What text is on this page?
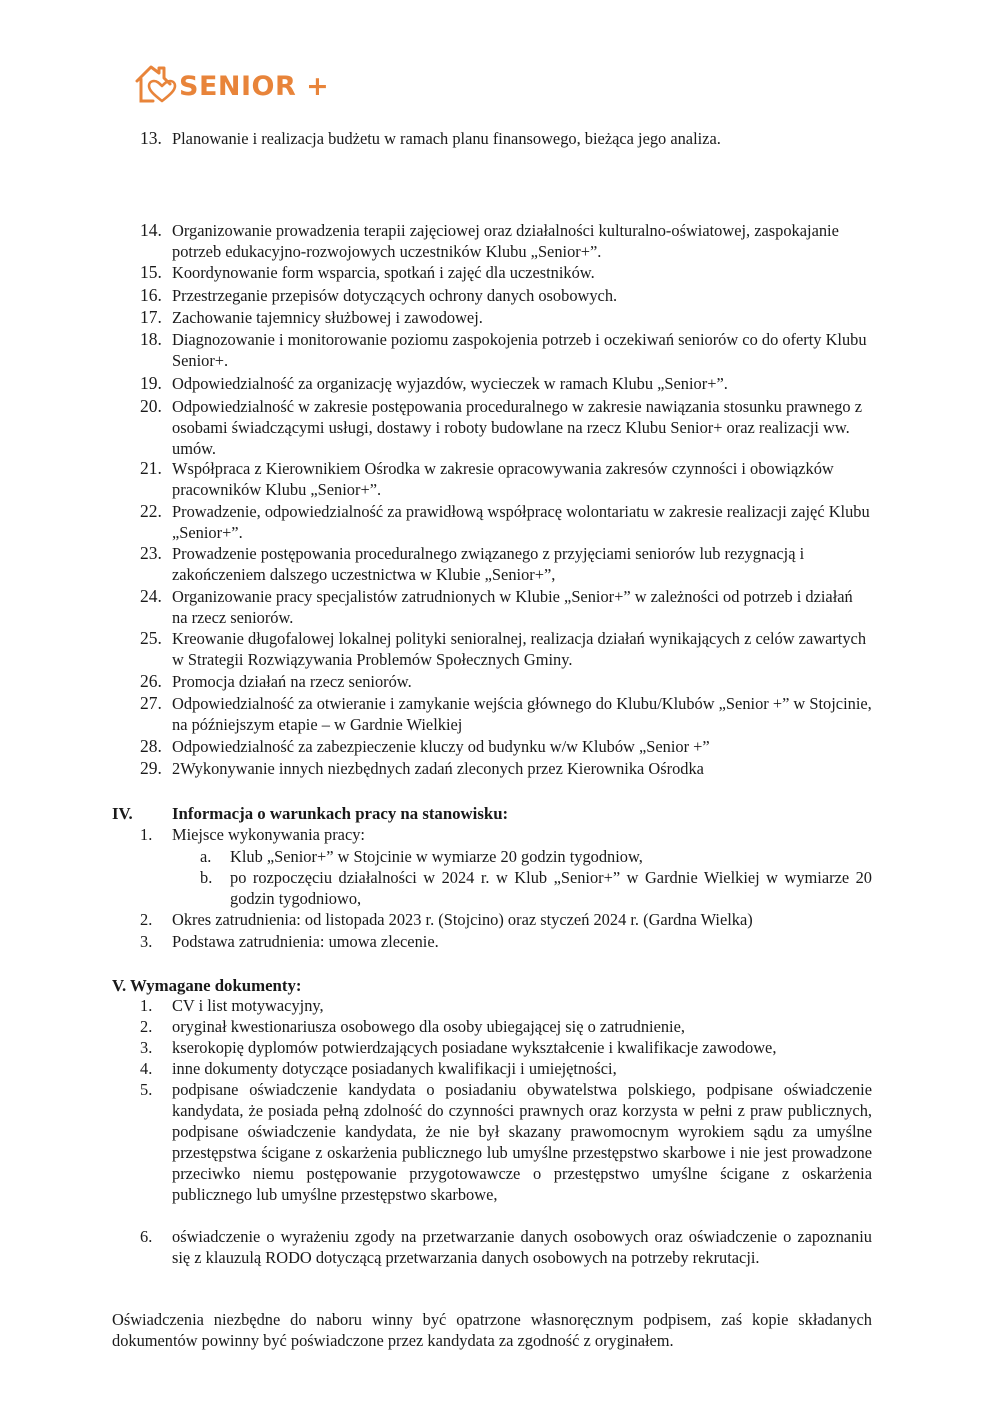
SENIOR +
13. Planowanie i realizacja budżetu w ramach planu finansowego, bieżąca jego analiza.
14. Organizowanie prowadzenia terapii zajęciowej oraz działalności kulturalno-oświatowej, zaspokajanie potrzeb edukacyjno-rozwojowych uczestników Klubu „Senior+”.
15. Koordynowanie form wsparcia, spotkań i zajęć dla uczestników.
16. Przestrzeganie przepisów dotyczących ochrony danych osobowych.
17. Zachowanie tajemnicy służbowej i zawodowej.
18. Diagnozowanie i monitorowanie poziomu zaspokojenia potrzeb i oczekiwań seniorów co do oferty Klubu Senior+.
19. Odpowiedzialność za organizację wyjazdów, wycieczek w ramach Klubu „Senior+”.
20. Odpowiedzialność w zakresie postępowania proceduralnego w zakresie nawiązania stosunku prawnego z osobami świadczącymi usługi, dostawy i roboty budowlane na rzecz Klubu Senior+ oraz realizacji ww. umów.
21. Współpraca z Kierownikiem Ośrodka w zakresie opracowywania zakresów czynności i obowiązków pracowników Klubu „Senior+”.
22. Prowadzenie, odpowiedzialność za prawidłową współpracę wolontariatu w zakresie realizacji zajęć Klubu „Senior+”.
23. Prowadzenie postępowania proceduralnego związanego z przyjęciami seniorów lub rezygnacją i zakończeniem dalszego uczestnictwa w Klubie „Senior+”,
24. Organizowanie pracy specjalistów zatrudnionych w Klubie „Senior+” w zależności od potrzeb i działań na rzecz seniorów.
25. Kreowanie długofalowej lokalnej polityki senioralnej, realizacja działań wynikających z celów zawartych w Strategii Rozwiązywania Problemów Społecznych Gminy.
26. Promocja działań na rzecz seniorów.
27. Odpowiedzialność za otwieranie i zamykanie wejścia głównego do Klubu/Klubów „Senior +” w Stojcinie, na późniejszym etapie – w Gardnie Wielkiej
28. Odpowiedzialność za zabezpieczenie kluczy od budynku w/w Klubów „Senior +”
29. 2Wykonywanie innych niezbędnych zadań zleconych przez Kierownika Ośrodka
IV. Informacja o warunkach pracy na stanowisku:
1.	Miejsce wykonywania pracy:
a.	Klub „Senior+” w Stojcinie w wymiarze 20 godzin tygodniow,
b.	po rozpoczęciu działalności w 2024 r. w Klub „Senior+” w Gardnie Wielkiej w wymiarze 20 godzin tygodniowo,
2.	Okres zatrudnienia: od listopada 2023 r. (Stojcino) oraz styczeń 2024 r. (Gardna Wielka)
3.	Podstawa zatrudnienia: umowa zlecenie.
V. Wymagane dokumenty:
1.	CV i list motywacyjny,
2.	oryginał kwestionariusza osobowego dla osoby ubiegającej się o zatrudnienie,
3.	kserokopię dyplomów potwierdzających posiadane wykształcenie i kwalifikacje zawodowe,
4.	inne dokumenty dotyczące posiadanych kwalifikacji i umiejętności,
5.	podpisane oświadczenie kandydata o posiadaniu obywatelstwa polskiego, podpisane oświadczenie kandydata, że posiada pełną zdolność do czynności prawnych oraz korzysta w pełni z praw publicznych, podpisane oświadczenie kandydata, że nie był skazany prawomocnym wyrokiem sądu za umyślne przestępstwa ścigane z oskarżenia publicznego lub umyślne przestępstwo skarbowe i nie jest prowadzone przeciwko niemu postępowanie przygotowawcze o przestępstwo umyślne ścigane z oskarżenia publicznego lub umyślne przestępstwo skarbowe,
6.	oświadczenie o wyrażeniu zgody na przetwarzanie danych osobowych oraz oświadczenie o zapoznaniu się z klauzulą RODO dotyczącą przetwarzania danych osobowych na potrzeby rekrutacji.
Oświadczenia niezbędne do naboru winny być opatrzone własnoręcznym podpisem, zaś kopie składanych dokumentów powinny być poświadczone przez kandydata za zgodność z oryginałem.
